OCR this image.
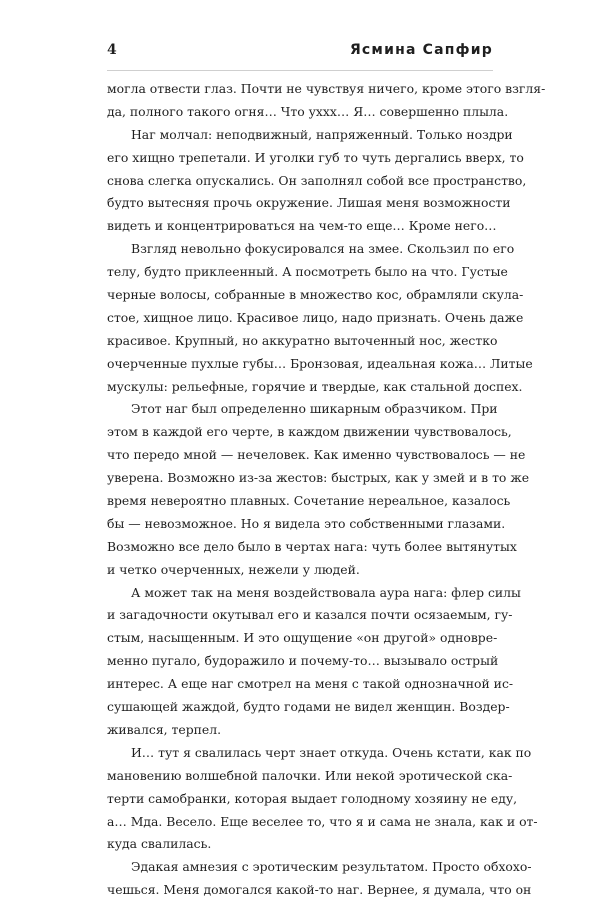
4	Ясмина Сапфир
могла отвести глаз. Почти не чувствуя ничего, кроме этого взгля-
да, полного такого огня… Что уххх… Я… совершенно плыла.
Наг молчал: неподвижный, напряженный. Только ноздри
его хищно трепетали. И уголки губ то чуть дергались вверх, то
снова слегка опускались. Он заполнял собой все пространство,
будто вытесняя прочь окружение. Лишая меня возможности
видеть и концентрироваться на чем-то еще… Кроме него…
Взгляд невольно фокусировался на змее. Скользил по его
телу, будто приклеенный. А посмотреть было на что. Густые
черные волосы, собранные в множество кос, обрамляли скула-
стое, хищное лицо. Красивое лицо, надо признать. Очень даже
красивое. Крупный, но аккуратно выточенный нос, жестко
очерченные пухлые губы… Бронзовая, идеальная кожа… Литые
мускулы: рельефные, горячие и твердые, как стальной доспех.
Этот наг был определенно шикарным образчиком. При
этом в каждой его черте, в каждом движении чувствовалось,
что передо мной — нечеловек. Как именно чувствовалось — не
уверена. Возможно из-за жестов: быстрых, как у змей и в то же
время невероятно плавных. Сочетание нереальное, казалось
бы — невозможное. Но я видела это собственными глазами.
Возможно все дело было в чертах нага: чуть более вытянутых
и четко очерченных, нежели у людей.
А может так на меня воздействовала аура нага: флер силы
и загадочности окутывал его и казался почти осязаемым, гу-
стым, насыщенным. И это ощущение «он другой» одновре-
менно пугало, будоражило и почему-то… вызывало острый
интерес. А еще наг смотрел на меня с такой однозначной ис-
сушающей жаждой, будто годами не видел женщин. Воздер-
живался, терпел.
И… тут я свалилась черт знает откуда. Очень кстати, как по
мановению волшебной палочки. Или некой эротической ска-
терти самобранки, которая выдает голодному хозяину не еду,
а… Мда. Весело. Еще веселее то, что я и сама не знала, как и от-
куда свалилась.
Эдакая амнезия с эротическим результатом. Просто обхохо-
чешься. Меня домогался какой-то наг. Вернее, я думала, что он
